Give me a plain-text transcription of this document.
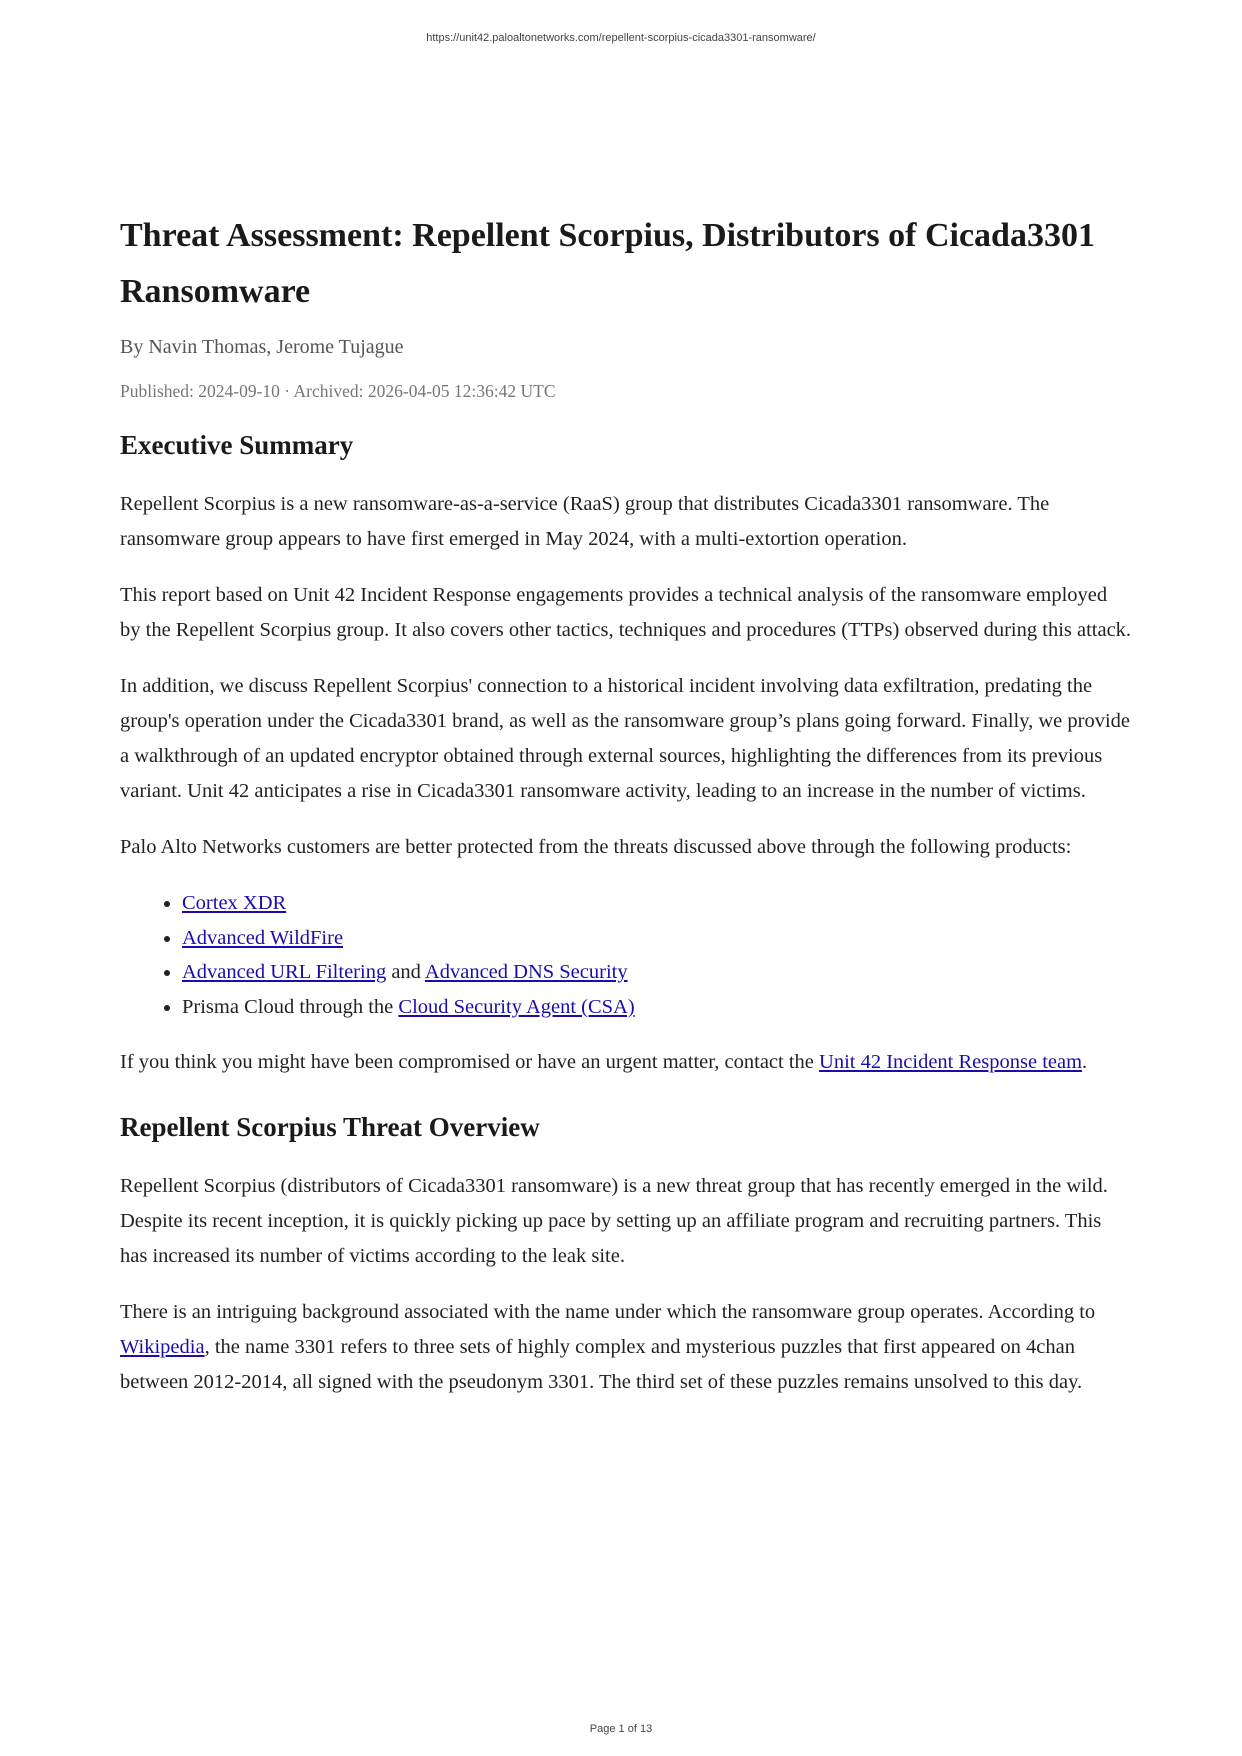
https://unit42.paloaltonetworks.com/repellent-scorpius-cicada3301-ransomware/
Threat Assessment: Repellent Scorpius, Distributors of Cicada3301 Ransomware
By Navin Thomas, Jerome Tujague
Published: 2024-09-10 · Archived: 2026-04-05 12:36:42 UTC
Executive Summary

Repellent Scorpius is a new ransomware-as-a-service (RaaS) group that distributes Cicada3301 ransomware. The ransomware group appears to have first emerged in May 2024, with a multi-extortion operation.

This report based on Unit 42 Incident Response engagements provides a technical analysis of the ransomware employed by the Repellent Scorpius group. It also covers other tactics, techniques and procedures (TTPs) observed during this attack.

In addition, we discuss Repellent Scorpius' connection to a historical incident involving data exfiltration, predating the group's operation under the Cicada3301 brand, as well as the ransomware group’s plans going forward. Finally, we provide a walkthrough of an updated encryptor obtained through external sources, highlighting the differences from its previous variant. Unit 42 anticipates a rise in Cicada3301 ransomware activity, leading to an increase in the number of victims.

Palo Alto Networks customers are better protected from the threats discussed above through the following products:

• Cortex XDR
• Advanced WildFire
• Advanced URL Filtering and Advanced DNS Security
• Prisma Cloud through the Cloud Security Agent (CSA)

If you think you might have been compromised or have an urgent matter, contact the Unit 42 Incident Response team.

Repellent Scorpius Threat Overview

Repellent Scorpius (distributors of Cicada3301 ransomware) is a new threat group that has recently emerged in the wild. Despite its recent inception, it is quickly picking up pace by setting up an affiliate program and recruiting partners. This has increased its number of victims according to the leak site.

There is an intriguing background associated with the name under which the ransomware group operates. According to Wikipedia, the name 3301 refers to three sets of highly complex and mysterious puzzles that first appeared on 4chan between 2012-2014, all signed with the pseudonym 3301. The third set of these puzzles remains unsolved to this day.

Page 1 of 13
